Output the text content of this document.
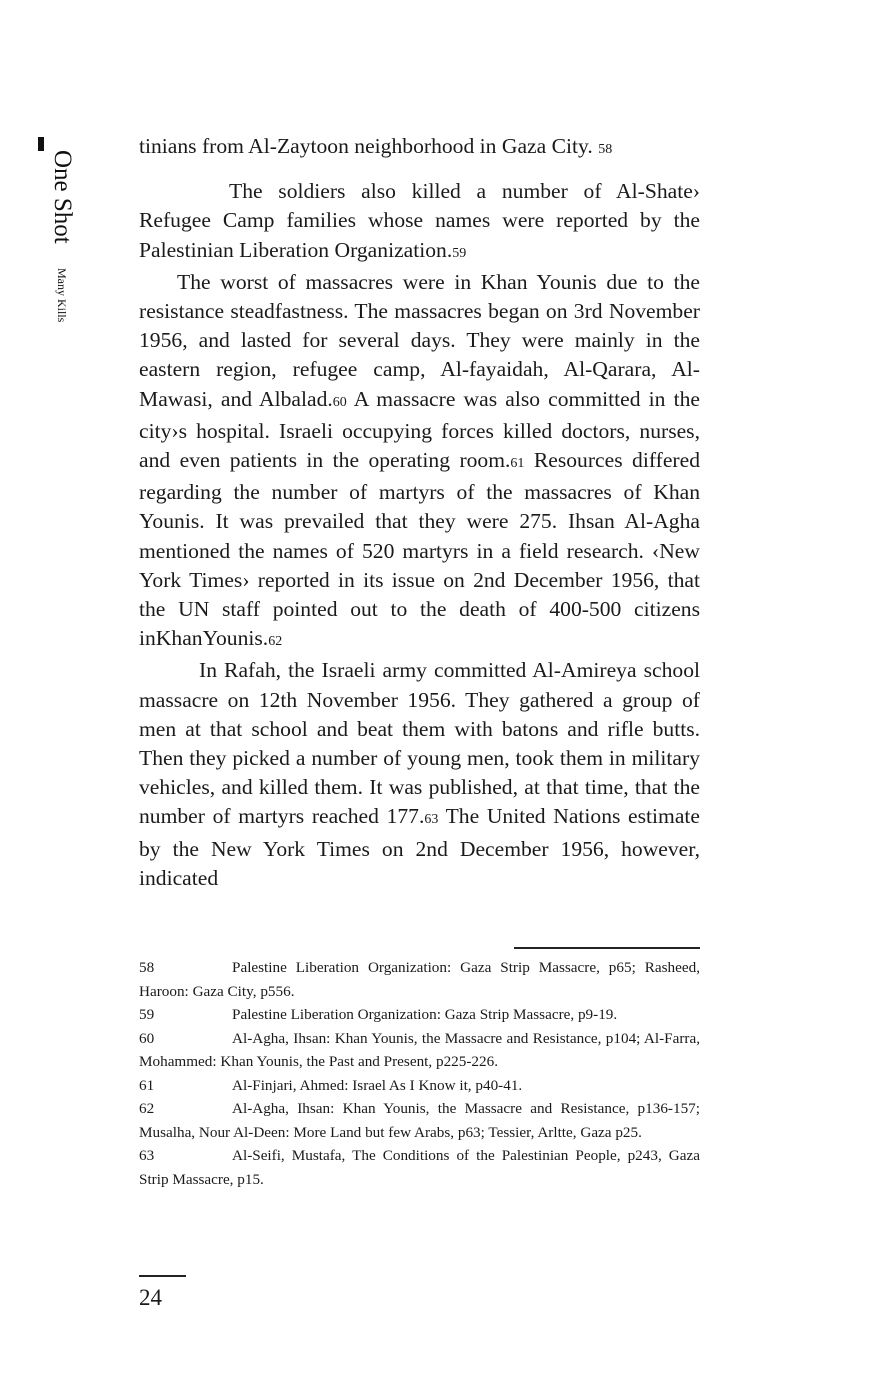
One Shot Many Kills

tinians from Al-Zaytoon neighborhood in Gaza City. 58

The soldiers also killed a number of Al-Shate› Refugee Camp families whose names were reported by the Palestinian Liberation Organization.59

The worst of massacres were in Khan Younis due to the resistance steadfastness. The massacres began on 3rd November 1956, and lasted for several days. They were mainly in the eastern region, refugee camp, Al-fayaidah, Al-Qarara, Al-Mawasi, and Albalad.60 A massacre was also committed in the city›s hospital. Israeli occupying forces killed doctors, nurses, and even patients in the operating room.61 Resources differed regarding the number of martyrs of the massacres of Khan Younis. It was prevailed that they were 275. Ihsan Al-Agha mentioned the names of 520 martyrs in a field research. ‹New York Times› reported in its issue on 2nd December 1956, that the UN staff pointed out to the death of 400-500 citizens inKhanYounis.62

In Rafah, the Israeli army committed Al-Amireya school massacre on 12th November 1956. They gathered a group of men at that school and beat them with batons and rifle butts. Then they picked a number of young men, took them in military vehicles, and killed them. It was published, at that time, that the number of martyrs reached 177.63 The United Nations estimate by the New York Times on 2nd December 1956, however, indicated

58	Palestine Liberation Organization: Gaza Strip Massacre, p65; Rasheed, Haroon: Gaza City, p556.

59	Palestine Liberation Organization: Gaza Strip Massacre, p9-19.

60	Al-Agha, Ihsan: Khan Younis, the Massacre and Resistance, p104; Al-Farra, Mohammed: Khan Younis, the Past and Present, p225-226.

61	Al-Finjari, Ahmed: Israel As I Know it, p40-41.

62	Al-Agha, Ihsan: Khan Younis, the Massacre and Resistance, p136-157; Musalha, Nour Al-Deen: More Land but few Arabs, p63; Tessier, Arltte, Gaza p25.

63	Al-Seifi, Mustafa, The Conditions of the Palestinian People, p243, Gaza Strip Massacre, p15.

24
